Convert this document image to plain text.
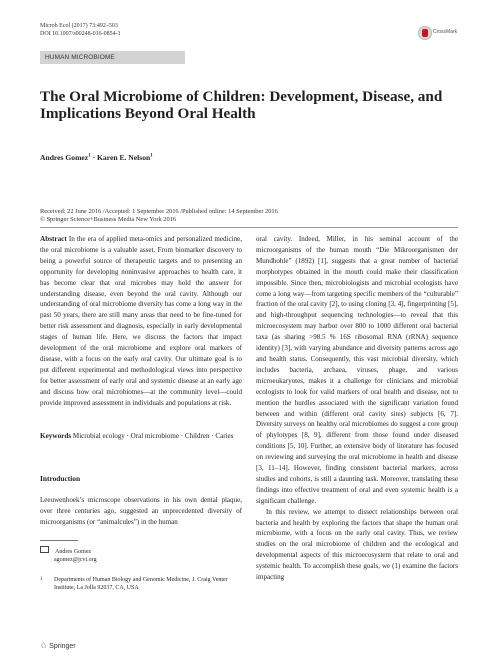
Microb Ecol (2017) 73:492–503
DOI 10.1007/s00248-016-0854-1	CrossMark
HUMAN MICROBIOME
The Oral Microbiome of Children: Development, Disease, and Implications Beyond Oral Health
Andres Gomez$^1$ · Karen E. Nelson$^1$
Received: 22 June 2016 /Accepted: 1 September 2016 /Published online: 14 September 2016
© Springer Science+Business Media New York 2016
Abstract In the era of applied meta-omics and personalized medicine, the oral microbiome is a valuable asset. From biomarker discovery to being a powerful source of therapeutic targets and to presenting an opportunity for developing noninvasive approaches to health care, it has become clear that oral microbes may hold the answer for understanding disease, even beyond the oral cavity. Although our understanding of oral microbiome diversity has come a long way in the past 50 years, there are still many areas that need to be fine-tuned for better risk assessment and diagnosis, especially in early developmental stages of human life. Here, we discuss the factors that impact development of the oral microbiome and explore oral markers of disease, with a focus on the early oral cavity. Our ultimate goal is to put different experimental and methodological views into perspective for better assessment of early oral and systemic disease at an early age and discuss how oral microbiomes—at the community level—could provide improved assessment in individuals and populations at risk.
Keywords Microbial ecology · Oral microbiome · Children · Caries
Introduction
Leeuwenhoek’s microscope observations in his own dental plaque, over three centuries ago, suggested an unprecedented diversity of microorganisms (or “animalcules”) in the human
Andres Gomez
agomez@jcvi.org
1	Departments of Human Biology and Genomic Medicine, J. Craig Venter Institute, La Jolla 92037, CA, USA
oral cavity. Indeed, Miller, in his seminal account of the microorganisms of the human mouth “Die Mikroorganismen der Mundhohle” (1892) [1], suggests that a great number of bacterial morphotypes obtained in the mouth could make their classification impossible. Since then, microbiologists and microbial ecologists have come a long way—from targeting specific members of the “culturable” fraction of the oral cavity [2], to using cloning [3, 4], fingerprinting [5], and high-throughput sequencing technologies—to reveal that this microecosystem may harbor over 800 to 1000 different oral bacterial taxa (as sharing >98.5 % 16S ribosomal RNA (rRNA) sequence identity) [3], with varying abundance and diversity patterns across age and health status. Consequently, this vast microbial diversity, which includes bacteria, archaea, viruses, phage, and various microeukaryotes, makes it a challenge for clinicians and microbial ecologists to look for valid markers of oral health and disease, not to mention the hurdles associated with the significant variation found between and within (different oral cavity sites) subjects [6, 7]. Diversity surveys on healthy oral microbiomes do suggest a core group of phylotypes [8, 9], different from those found under diseased conditions [5, 10]. Further, an extensive body of literature has focused on reviewing and surveying the oral microbiome in health and disease [3, 11–14]. However, finding consistent bacterial markers, across studies and cohorts, is still a daunting task. Moreover, translating these findings into effective treatment of oral and even systemic health is a significant challenge.
In this review, we attempt to dissect relationships between oral bacteria and health by exploring the factors that shape the human oral microbiome, with a focus on the early oral cavity. Thus, we review studies on the oral microbiome of children and the ecological and developmental aspects of this microecosystem that relate to oral and systemic health. To accomplish these goals, we (1) examine the factors impacting
♘ Springer
